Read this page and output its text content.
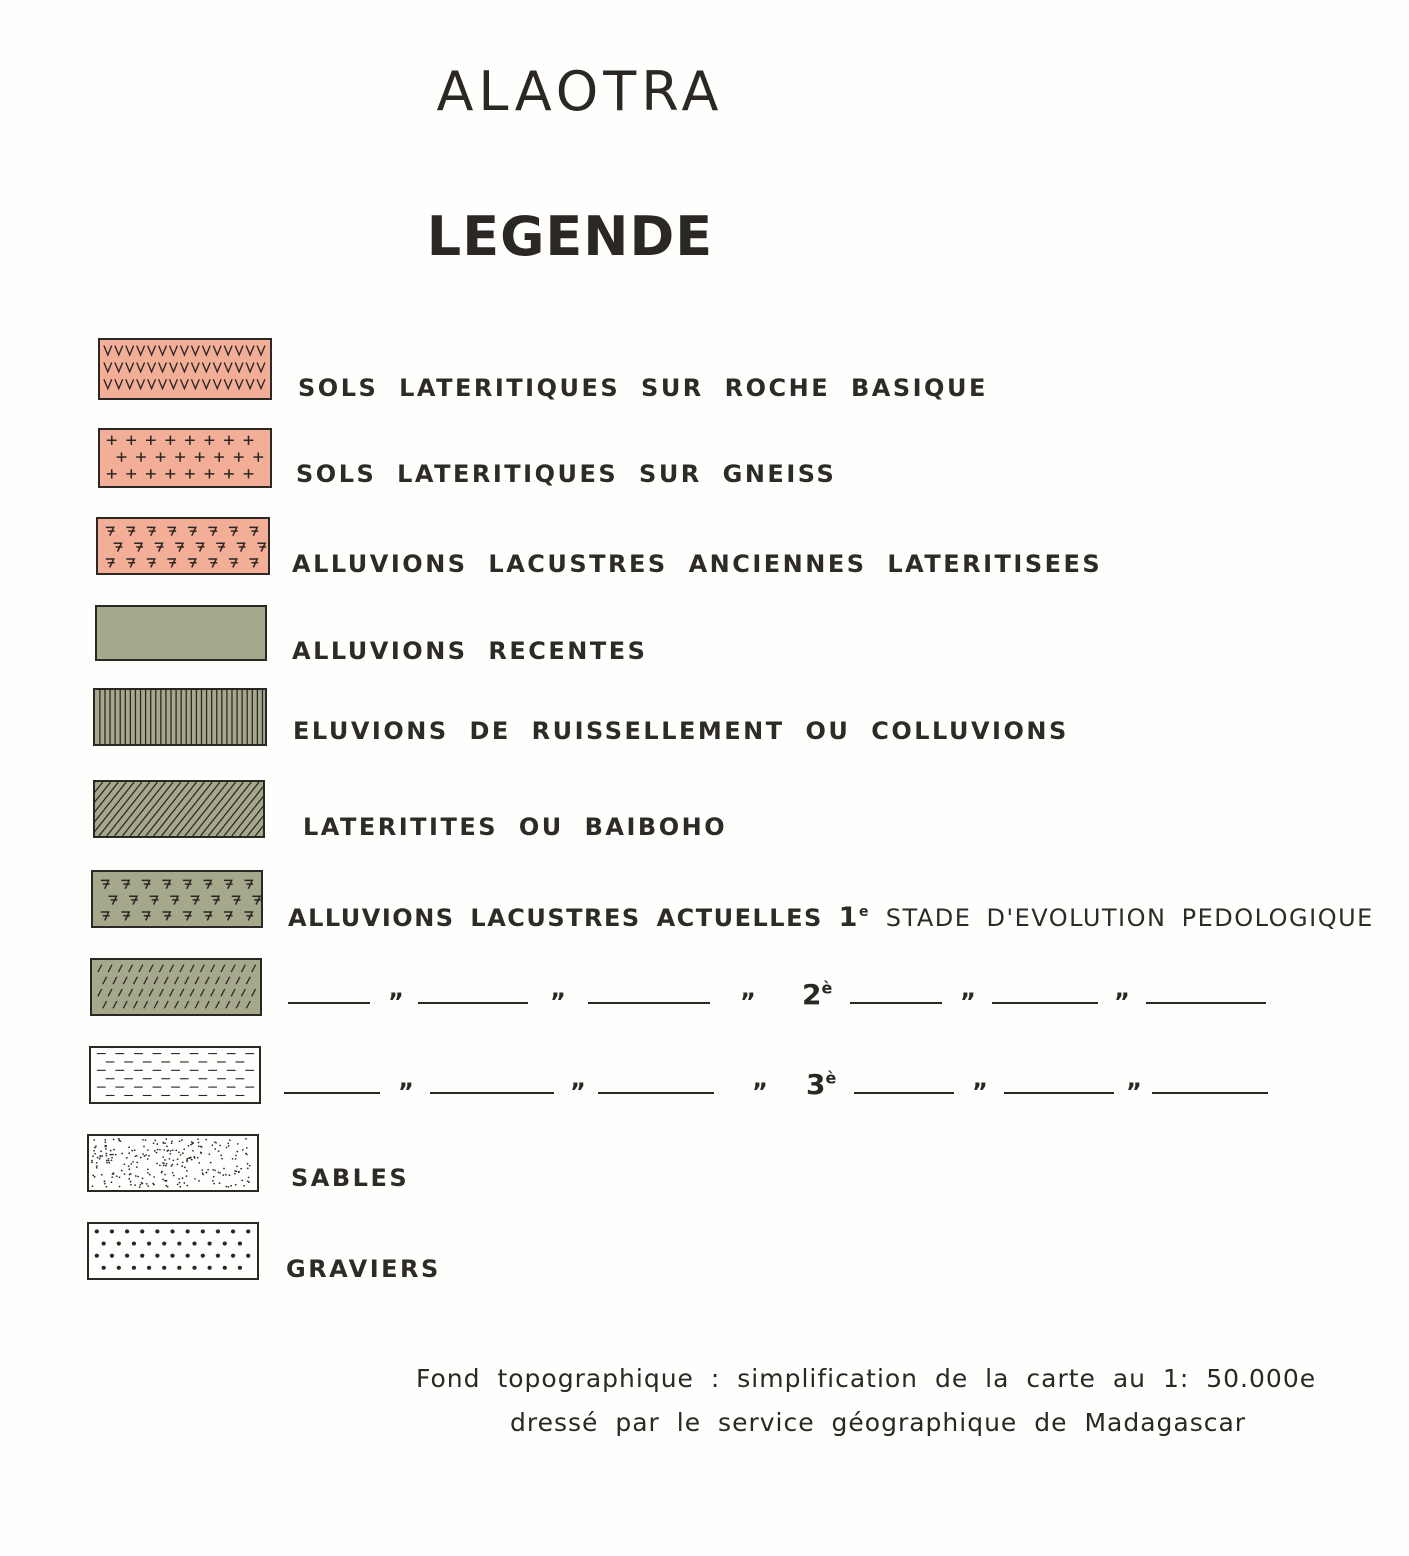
ALAOTRA
LEGENDE
SOLS LATERITIQUES SUR ROCHE BASIQUE
SOLS LATERITIQUES SUR GNEISS
ALLUVIONS LACUSTRES ANCIENNES LATERITISEES
ALLUVIONS RECENTES
ELUVIONS DE RUISSELLEMENT OU COLLUVIONS
LATERITITES OU BAIBOHO
ALLUVIONS LACUSTRES ACTUELLES 1e STADE D'EVOLUTION PEDOLOGIQUE
”	”	” $2^è$	”	”
”	”	” $3^è$	”	”
SABLES
GRAVIERS
Fond topographique : simplification de la carte au 1: 50.000e
dressé par le service géographique de Madagascar
